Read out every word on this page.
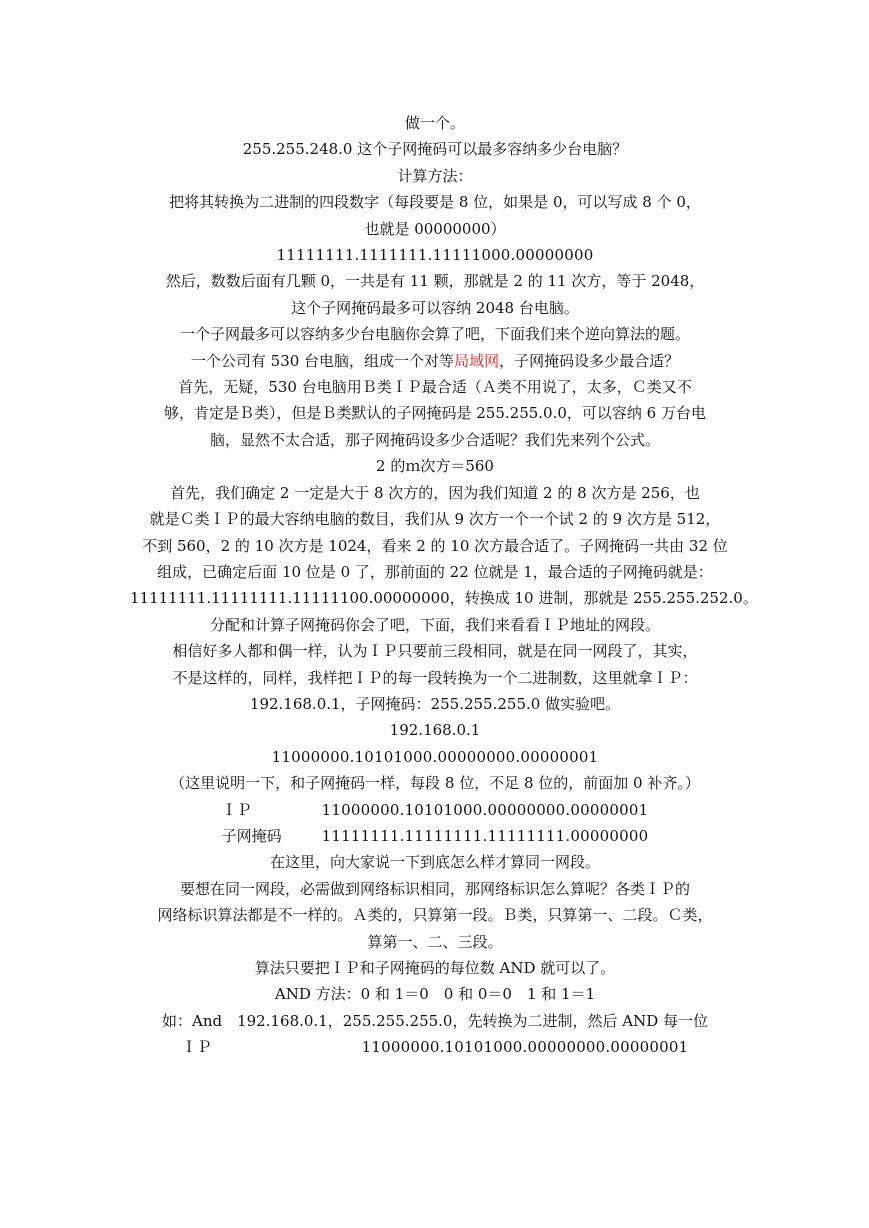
做一个。
255.255.248.0 这个子网掩码可以最多容纳多少台电脑？
计算方法：
把将其转换为二进制的四段数字（每段要是 8 位，如果是 0，可以写成 8 个 0，
也就是 00000000）
11111111.1111111.11111000.00000000
然后，数数后面有几颗 0，一共是有 11 颗，那就是 2 的 11 次方，等于 2048，
这个子网掩码最多可以容纳 2048 台电脑。
一个子网最多可以容纳多少台电脑你会算了吧，下面我们来个逆向算法的题。
一个公司有 530 台电脑，组成一个对等局域网，子网掩码设多少最合适？
首先，无疑，530 台电脑用Ｂ类ＩＰ最合适（Ａ类不用说了，太多，Ｃ类又不
够，肯定是Ｂ类），但是Ｂ类默认的子网掩码是 255.255.0.0，可以容纳 6 万台电
脑，显然不太合适，那子网掩码设多少合适呢？我们先来列个公式。
2 的ｍ次方＝560
首先，我们确定 2 一定是大于 8 次方的，因为我们知道 2 的 8 次方是 256，也
就是Ｃ类ＩＰ的最大容纳电脑的数目，我们从 9 次方一个一个试 2 的 9 次方是 512，
不到 560，2 的 10 次方是 1024，看来 2 的 10 次方最合适了。子网掩码一共由 32 位
组成，已确定后面 10 位是 0 了，那前面的 22 位就是 1，最合适的子网掩码就是：
11111111.11111111.11111100.00000000，转换成 10 进制，那就是 255.255.252.0。
分配和计算子网掩码你会了吧，下面，我们来看看ＩＰ地址的网段。
相信好多人都和偶一样，认为ＩＰ只要前三段相同，就是在同一网段了，其实，
不是这样的，同样，我样把ＩＰ的每一段转换为一个二进制数，这里就拿ＩＰ：
192.168.0.1，子网掩码：255.255.255.0 做实验吧。
192.168.0.1
11000000.10101000.00000000.00000001
（这里说明一下，和子网掩码一样，每段 8 位，不足 8 位的，前面加 0 补齐。）
ＩＰ	11000000.10101000.00000000.00000001
子网掩码	11111111.11111111.11111111.00000000
在这里，向大家说一下到底怎么样才算同一网段。
要想在同一网段，必需做到网络标识相同，那网络标识怎么算呢？各类ＩＰ的
网络标识算法都是不一样的。Ａ类的，只算第一段。Ｂ类，只算第一、二段。Ｃ类，
算第一、二、三段。
算法只要把ＩＰ和子网掩码的每位数 AND 就可以了。
AND 方法：0 和 1＝0　0 和 0＝0　1 和 1＝1
如：And　192.168.0.1，255.255.255.0，先转换为二进制，然后 AND 每一位
ＩＰ	11000000.10101000.00000000.00000001
